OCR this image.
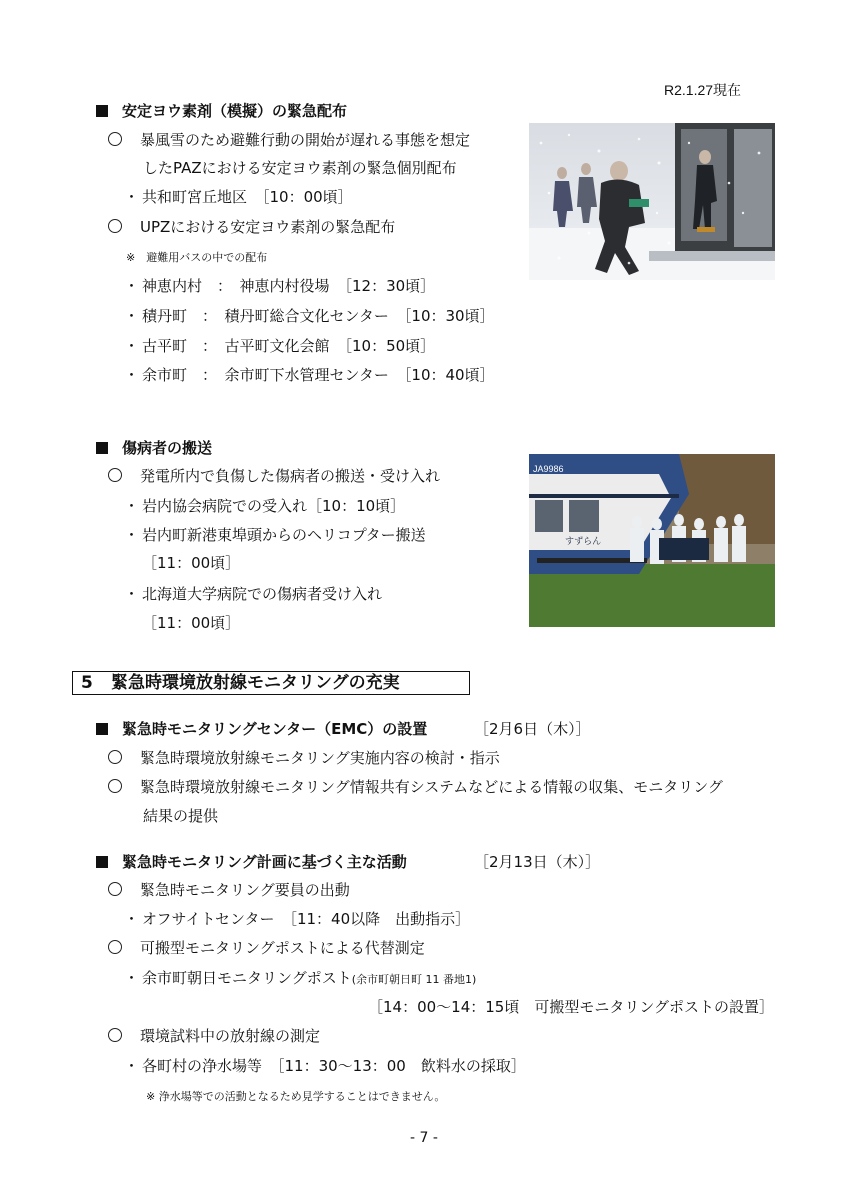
R2.1.27現在
安定ヨウ素剤（模擬）の緊急配布
暴風雪のため避難行動の開始が遅れる事態を想定
したPAZにおける安定ヨウ素剤の緊急個別配布
・ 共和町宮丘地区　［10：00頃］
UPZにおける安定ヨウ素剤の緊急配布
※　避難用バスの中での配布
・ 神恵内村　：　神恵内村役場　［12：30頃］
・ 積丹町　：　積丹町総合文化センター　［10：30頃］
・ 古平町　：　古平町文化会館　［10：50頃］
・ 余市町　：　余市町下水管理センター　［10：40頃］
傷病者の搬送
発電所内で負傷した傷病者の搬送・受け入れ
・ 岩内協会病院での受入れ［10：10頃］
・ 岩内町新港東埠頭からのヘリコプター搬送
［11：00頃］
・ 北海道大学病院での傷病者受け入れ
［11：00頃］
JA9986
すずらん
5 緊急時環境放射線モニタリングの充実
緊急時モニタリングセンター（EMC）の設置	［2月6日（木）］
緊急時環境放射線モニタリング実施内容の検討・指示
緊急時環境放射線モニタリング情報共有システムなどによる情報の収集、モニタリング
結果の提供
緊急時モニタリング計画に基づく主な活動	［2月13日（木）］
緊急時モニタリング要員の出動
・ オフサイトセンター　［11：40以降　出動指示］
可搬型モニタリングポストによる代替測定
・ 余市町朝日モニタリングポスト(余市町朝日町 11 番地1)
［14：00～14：15頃　可搬型モニタリングポストの設置］
環境試料中の放射線の測定
・ 各町村の浄水場等　［11：30～13：00　飲料水の採取］
※ 浄水場等での活動となるため見学することはできません。
- 7 -
